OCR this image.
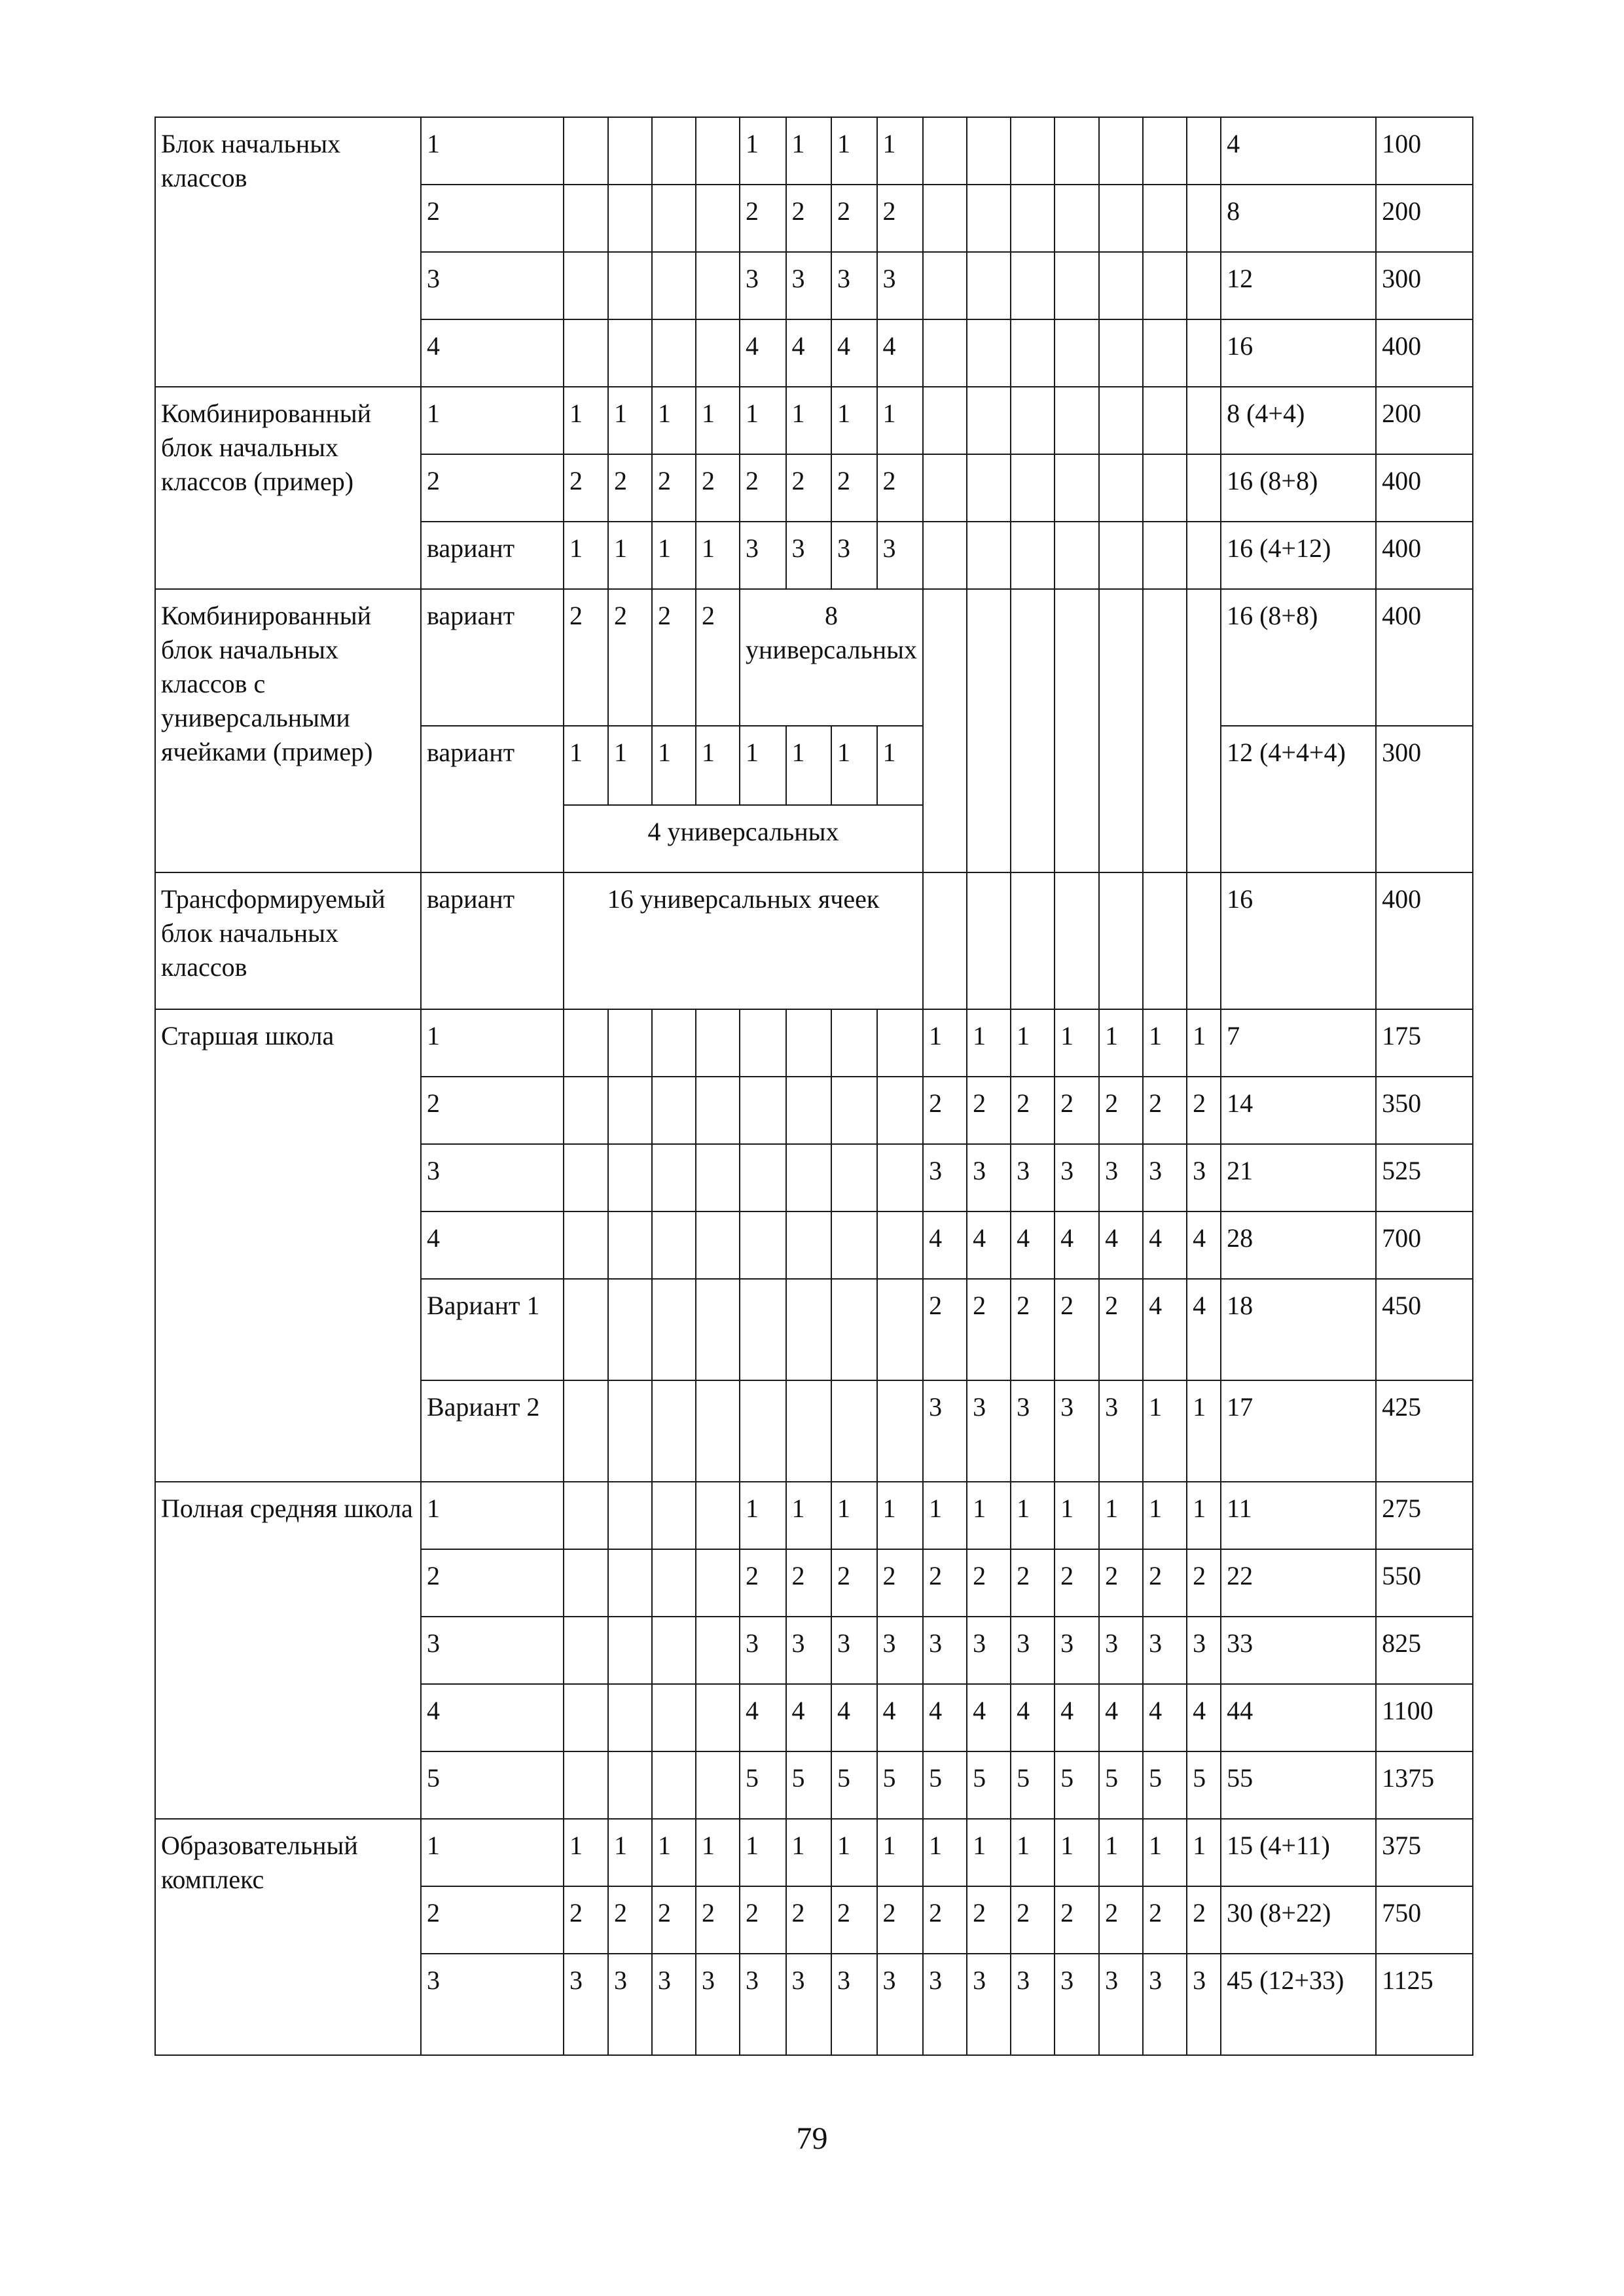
Блок начальных классов	1					1	1	1	1								4	100
	2					2	2	2	2								8	200
	3					3	3	3	3								12	300
	4					4	4	4	4								16	400
Комбинированный блок начальных классов (пример)	1	1	1	1	1	1	1	1	1								8 (4+4)	200
	2	2	2	2	2	2	2	2	2								16 (8+8)	400
	вариант	1	1	1	1	3	3	3	3								16 (4+12)	400
Комбинированный блок начальных классов с универсальными ячейками (пример)	вариант	2	2	2	2	8 универсальных											16 (8+8)	400
	вариант	1	1	1	1	1	1	1	1								12 (4+4+4)	300
		4 универсальных																
Трансформируемый блок начальных классов	вариант	16 универсальных ячеек															16	400
Старшая школа	1									1	1	1	1	1	1	1	7	175
	2									2	2	2	2	2	2	2	14	350
	3									3	3	3	3	3	3	3	21	525
	4									4	4	4	4	4	4	4	28	700
	Вариант 1									2	2	2	2	2	4	4	18	450
	Вариант 2									3	3	3	3	3	1	1	17	425
Полная средняя школа	1					1	1	1	1	1	1	1	1	1	1	1	11	275
	2					2	2	2	2	2	2	2	2	2	2	2	22	550
	3					3	3	3	3	3	3	3	3	3	3	3	33	825
	4					4	4	4	4	4	4	4	4	4	4	4	44	1100
	5					5	5	5	5	5	5	5	5	5	5	5	55	1375
Образовательный комплекс	1	1	1	1	1	1	1	1	1	1	1	1	1	1	1	1	15 (4+11)	375
	2	2	2	2	2	2	2	2	2	2	2	2	2	2	2	2	30 (8+22)	750
	3	3	3	3	3	3	3	3	3	3	3	3	3	3	3	3	45 (12+33)	1125
79
